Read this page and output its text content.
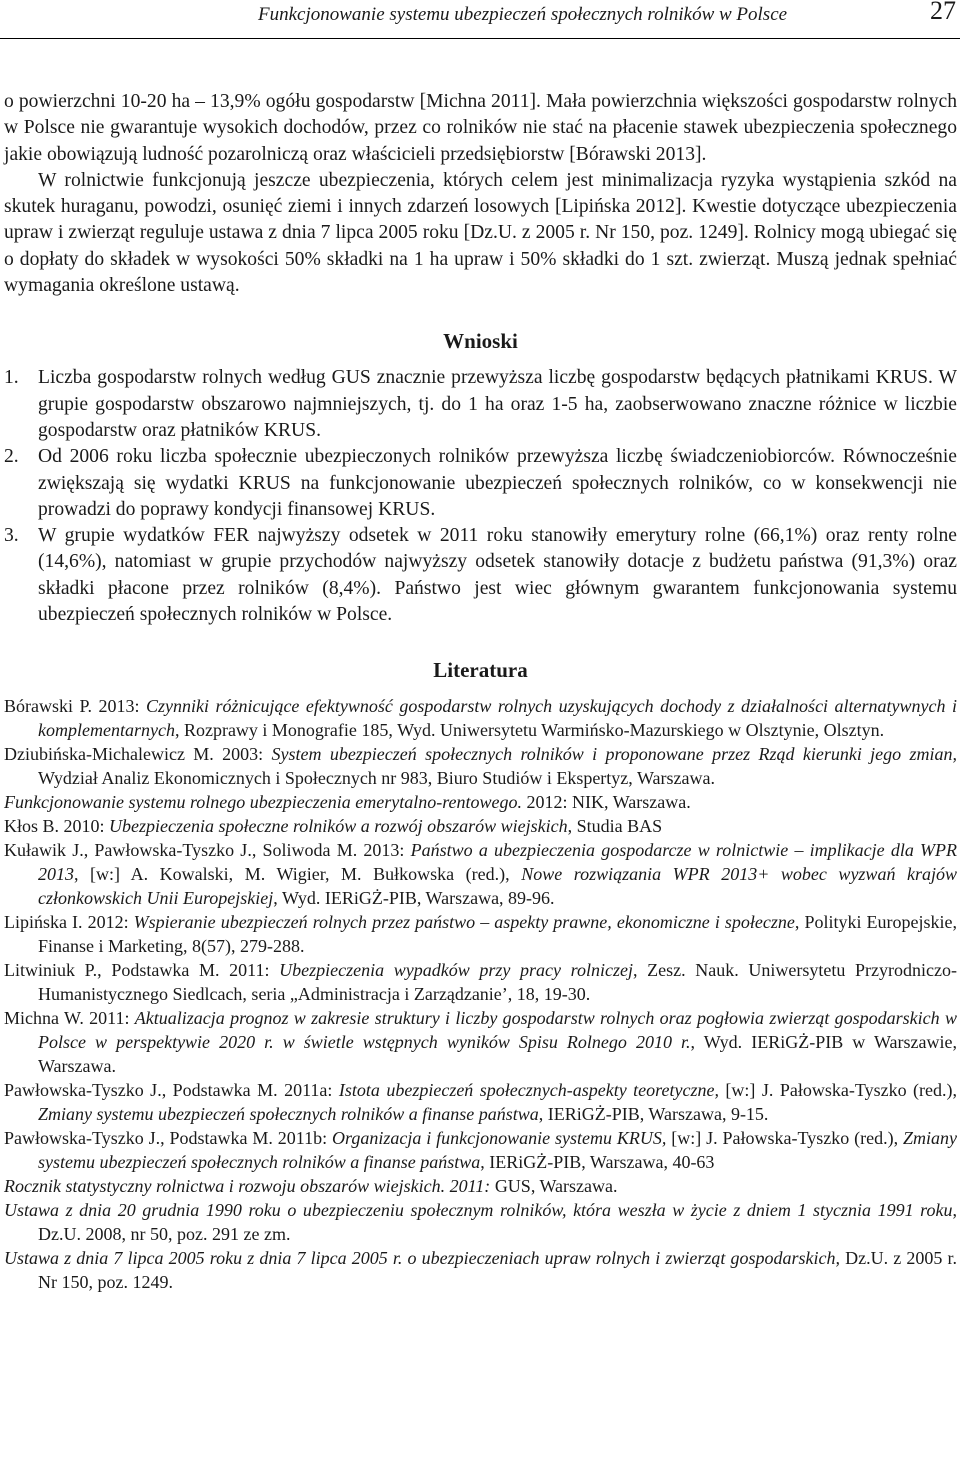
Funkcjonowanie systemu ubezpieczeń społecznych rolników w Polsce	27

o powierzchni 10-20 ha – 13,9% ogółu gospodarstw [Michna 2011]. Mała powierzchnia większości gospodarstw rolnych w Polsce nie gwarantuje wysokich dochodów, przez co rolników nie stać na płacenie stawek ubezpieczenia społecznego jakie obowiązują ludność pozarolniczą oraz właścicieli przedsiębiorstw [Bórawski 2013].

W rolnictwie funkcjonują jeszcze ubezpieczenia, których celem jest minimalizacja ryzyka wystąpienia szkód na skutek huraganu, powodzi, osunięć ziemi i innych zdarzeń losowych [Lipińska 2012]. Kwestie dotyczące ubezpieczenia upraw i zwierząt reguluje ustawa z dnia 7 lipca 2005 roku [Dz.U. z 2005 r. Nr 150, poz. 1249]. Rolnicy mogą ubiegać się o dopłaty do składek w wysokości 50% składki na 1 ha upraw i 50% składki do 1 szt. zwierząt. Muszą jednak spełniać wymagania określone ustawą.

Wnioski
1. Liczba gospodarstw rolnych według GUS znacznie przewyższa liczbę gospodarstw będących płatnikami KRUS. W grupie gospodarstw obszarowo najmniejszych, tj. do 1 ha oraz 1-5 ha, zaobserwowano znaczne różnice w liczbie gospodarstw oraz płatników KRUS.
2. Od 2006 roku liczba społecznie ubezpieczonych rolników przewyższa liczbę świadczeniobiorców. Równocześnie zwiększają się wydatki KRUS na funkcjonowanie ubezpieczeń społecznych rolników, co w konsekwencji nie prowadzi do poprawy kondycji finansowej KRUS.
3. W grupie wydatków FER najwyższy odsetek w 2011 roku stanowiły emerytury rolne (66,1%) oraz renty rolne (14,6%), natomiast w grupie przychodów najwyższy odsetek stanowiły dotacje z budżetu państwa (91,3%) oraz składki płacone przez rolników (8,4%). Państwo jest wiec głównym gwarantem funkcjonowania systemu ubezpieczeń społecznych rolników w Polsce.
Literatura

Bórawski P. 2013: Czynniki różnicujące efektywność gospodarstw rolnych uzyskujących dochody z działalności alternatywnych i komplementarnych, Rozprawy i Monografie 185, Wyd. Uniwersytetu Warmińsko-Mazurskiego w Olsztynie, Olsztyn.

Dziubińska-Michalewicz M. 2003: System ubezpieczeń społecznych rolników i proponowane przez Rząd kierunki jego zmian, Wydział Analiz Ekonomicznych i Społecznych nr 983, Biuro Studiów i Ekspertyz, Warszawa.

Funkcjonowanie systemu rolnego ubezpieczenia emerytalno-rentowego. 2012: NIK, Warszawa.

Kłos B. 2010: Ubezpieczenia społeczne rolników a rozwój obszarów wiejskich, Studia BAS

Kuławik J., Pawłowska-Tyszko J., Soliwoda M. 2013: Państwo a ubezpieczenia gospodarcze w rolnictwie – implikacje dla WPR 2013, [w:] A. Kowalski, M. Wigier, M. Bułkowska (red.), Nowe rozwiązania WPR 2013+ wobec wyzwań krajów członkowskich Unii Europejskiej, Wyd. IERiGŻ-PIB, Warszawa, 89-96.

Lipińska I. 2012: Wspieranie ubezpieczeń rolnych przez państwo – aspekty prawne, ekonomiczne i społeczne, Polityki Europejskie, Finanse i Marketing, 8(57), 279-288.

Litwiniuk P., Podstawka M. 2011: Ubezpieczenia wypadków przy pracy rolniczej, Zesz. Nauk. Uniwersytetu Przyrodniczo-Humanistycznego Siedlcach, seria „Administracja i Zarządzanie’, 18, 19-30.

Michna W. 2011: Aktualizacja prognoz w zakresie struktury i liczby gospodarstw rolnych oraz pogłowia zwierząt gospodarskich w Polsce w perspektywie 2020 r. w świetle wstępnych wyników Spisu Rolnego 2010 r., Wyd. IERiGŻ-PIB w Warszawie, Warszawa.

Pawłowska-Tyszko J., Podstawka M. 2011a: Istota ubezpieczeń społecznych-aspekty teoretyczne, [w:] J. Pałowska-Tyszko (red.), Zmiany systemu ubezpieczeń społecznych rolników a finanse państwa, IERiGŻ-PIB, Warszawa, 9-15.

Pawłowska-Tyszko J., Podstawka M. 2011b: Organizacja i funkcjonowanie systemu KRUS, [w:] J. Pałowska-Tyszko (red.), Zmiany systemu ubezpieczeń społecznych rolników a finanse państwa, IERiGŻ-PIB, Warszawa, 40-63

Rocznik statystyczny rolnictwa i rozwoju obszarów wiejskich. 2011: GUS, Warszawa.

Ustawa z dnia 20 grudnia 1990 roku o ubezpieczeniu społecznym rolników, która weszła w życie z dniem 1 stycznia 1991 roku, Dz.U. 2008, nr 50, poz. 291 ze zm.

Ustawa z dnia 7 lipca 2005 roku z dnia 7 lipca 2005 r. o ubezpieczeniach upraw rolnych i zwierząt gospodarskich, Dz.U. z 2005 r. Nr 150, poz. 1249.
